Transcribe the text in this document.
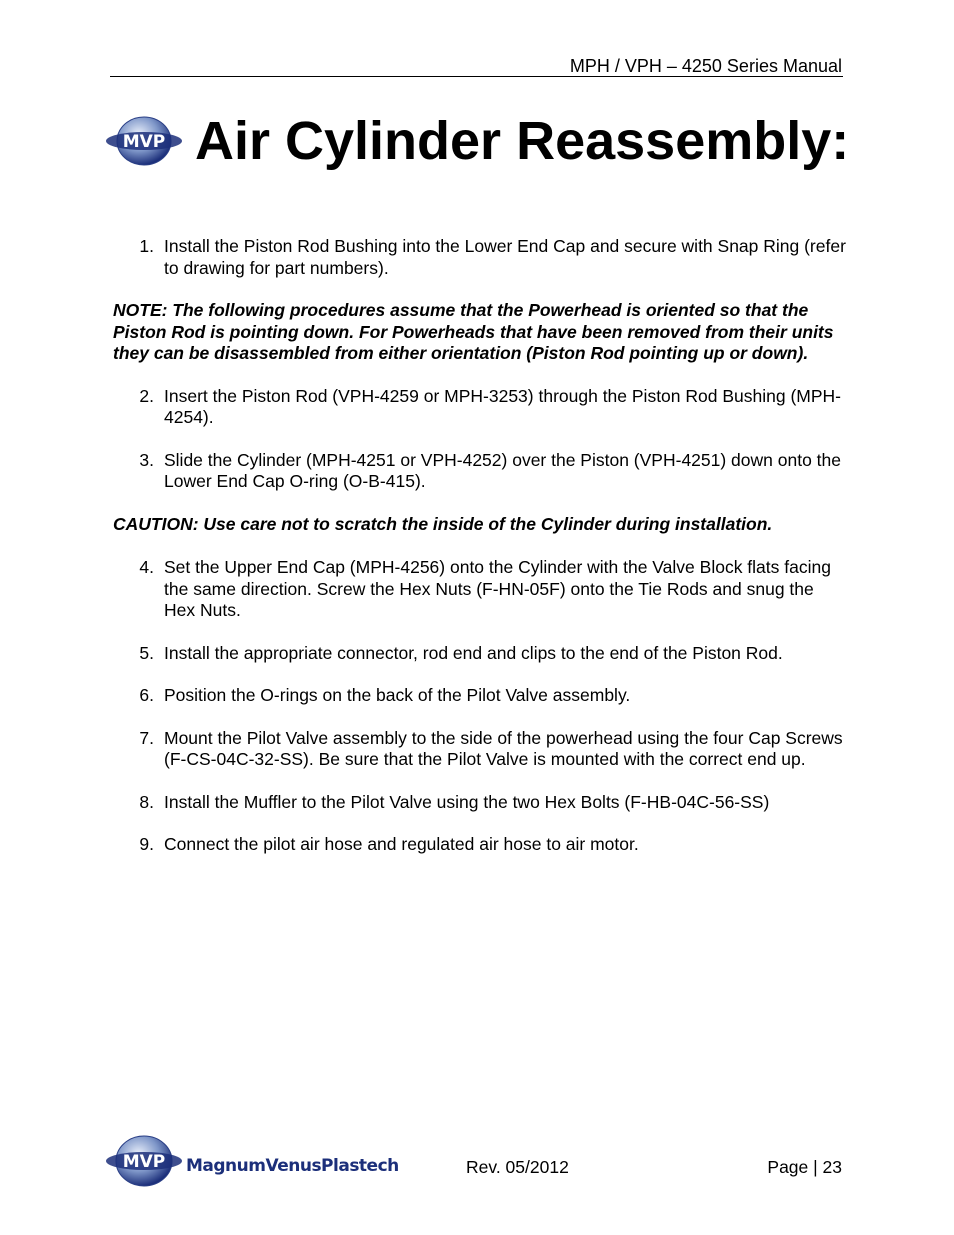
MPH / VPH – 4250 Series Manual
MVP Air Cylinder Reassembly:
1. Install the Piston Rod Bushing into the Lower End Cap and secure with Snap Ring (refer to drawing for part numbers).

NOTE: The following procedures assume that the Powerhead is oriented so that the Piston Rod is pointing down. For Powerheads that have been removed from their units they can be disassembled from either orientation (Piston Rod pointing up or down).

2. Insert the Piston Rod (VPH-4259 or MPH-3253) through the Piston Rod Bushing (MPH-4254).
3. Slide the Cylinder (MPH-4251 or VPH-4252) over the Piston (VPH-4251) down onto the Lower End Cap O-ring (O-B-415).

CAUTION: Use care not to scratch the inside of the Cylinder during installation.

4. Set the Upper End Cap (MPH-4256) onto the Cylinder with the Valve Block flats facing the same direction. Screw the Hex Nuts (F-HN-05F) onto the Tie Rods and snug the Hex Nuts.
5. Install the appropriate connector, rod end and clips to the end of the Piston Rod.
6. Position the O-rings on the back of the Pilot Valve assembly.
7. Mount the Pilot Valve assembly to the side of the powerhead using the four Cap Screws (F-CS-04C-32-SS). Be sure that the Pilot Valve is mounted with the correct end up.
8. Install the Muffler to the Pilot Valve using the two Hex Bolts (F-HB-04C-56-SS)
9. Connect the pilot air hose and regulated air hose to air motor.
MVP MagnumVenusPlastech	Rev. 05/2012	Page | 23
